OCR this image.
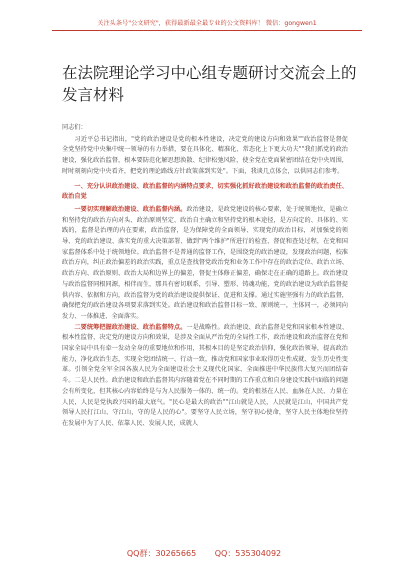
关注头条号"公文研究"，获得最新最全最专业的公文资料库！ 微信：gongwen1
在法院理论学习中心组专题研讨交流会上的发言材料

同志们：

习近平总书记指出，"党的政治建设是党的根本性建设，决定党的建设方向和效果""政治监督是督促全党坚持党中央集中统一领导的有力举措，要在具体化、精准化、常态化上下更大功夫""我们抓党的政治建设，强化政治监督，根本要防范化解思想涣散、纪律松弛风险，使全党在党面紧密团结在党中央周围，时时刻刻向党中央看齐，把党的理论路线方针政策落到实处"。下面，我谈几点体会，以供同志们参考。

一、充分认识政治建设、政治监督的内涵特点要求，切实强化抓好政治建设和政治监督的政治责任、政治自觉

一要切实理解政治建设、政治监督内涵。政治建设，是政党建设的核心要素，处于统领地位，是确立和坚持党的政治方向对头、政治原则坚定、政治自主确立和坚持党的根本途径，是方向定的、具体的、实践的，监督是治理的内在要素，政治监督，是为保障党的全面领导、实现党的政治目标，对加强党的领导、党的政治建设、落实党的重大决策部署、做到"两个维护"所进行的检查、督促和查处过程，在党和国家监督体系中处于统领地位。政治监督不是普通的监督工作，是围绕党的政治建设，发现政治问题，校准政治方向，纠正政治偏差的政治实践，重点是查找督党政治党和业务工作中存在的政治定位、政治立场、政治方向、政治原则、政治大局和边界上的偏差，督促主体修正偏差，确保走在正确的道路上。政治建设与政治监督同根同源，相伴而生，那具有密切联系，引导、塑形、铸魂功能，党的政治建设为政治监督提供内容、依据和方向，政治监督为党的政治建设提供保证、促进和支撑。通过实施坚强有力的政治监督，确保把党的政治建设各项要求落到实处。政治建设和政治监督目标一致、原则统一，主体同一，必须同向发力、一体推进、全面落实。

二要统筹把握政治建设、政治监督特点。一是战略性。政治建设、政治监督是党和国家根本性建设、根本性监督，决定党的建设方向和效果，是涉及全面从严治党的全局性工作，政治建设和政治监督在党和国家全局中具有牵一发动全身的重要地位和作用，其根本目的是坚定政治信仰，强化政治领导，提高政治能力，净化政治生态，实现全党团结统一、行动一致，推动党和国家事业取得历史性成就、发生历史性变革。引领全党全军全国各族人民为全面建设社会主义现代化国家、全面推进中华民族伟大复兴而团结奋斗。二是人民性。政治建设和政治监督其内容随着党在不同时期的工作重点和自身建设实践中面临的问题会有所变化，但其核心内容始终是与为人民服务一体的、统一的。党的根基在人民、血脉在人民、力量在人民，人民是党执政兴国的最大底气。"民心是最大的政治""江山就是人民，人民就是江山，中国共产党领导人民打江山、守江山，守的是人民的心"。要坚守人民立场，坚守初心使命，坚守人民主体地位坚持在发展中为了人民、依靠人民、发展人民，成就人

QQ群：30265665 QQ：535304092
